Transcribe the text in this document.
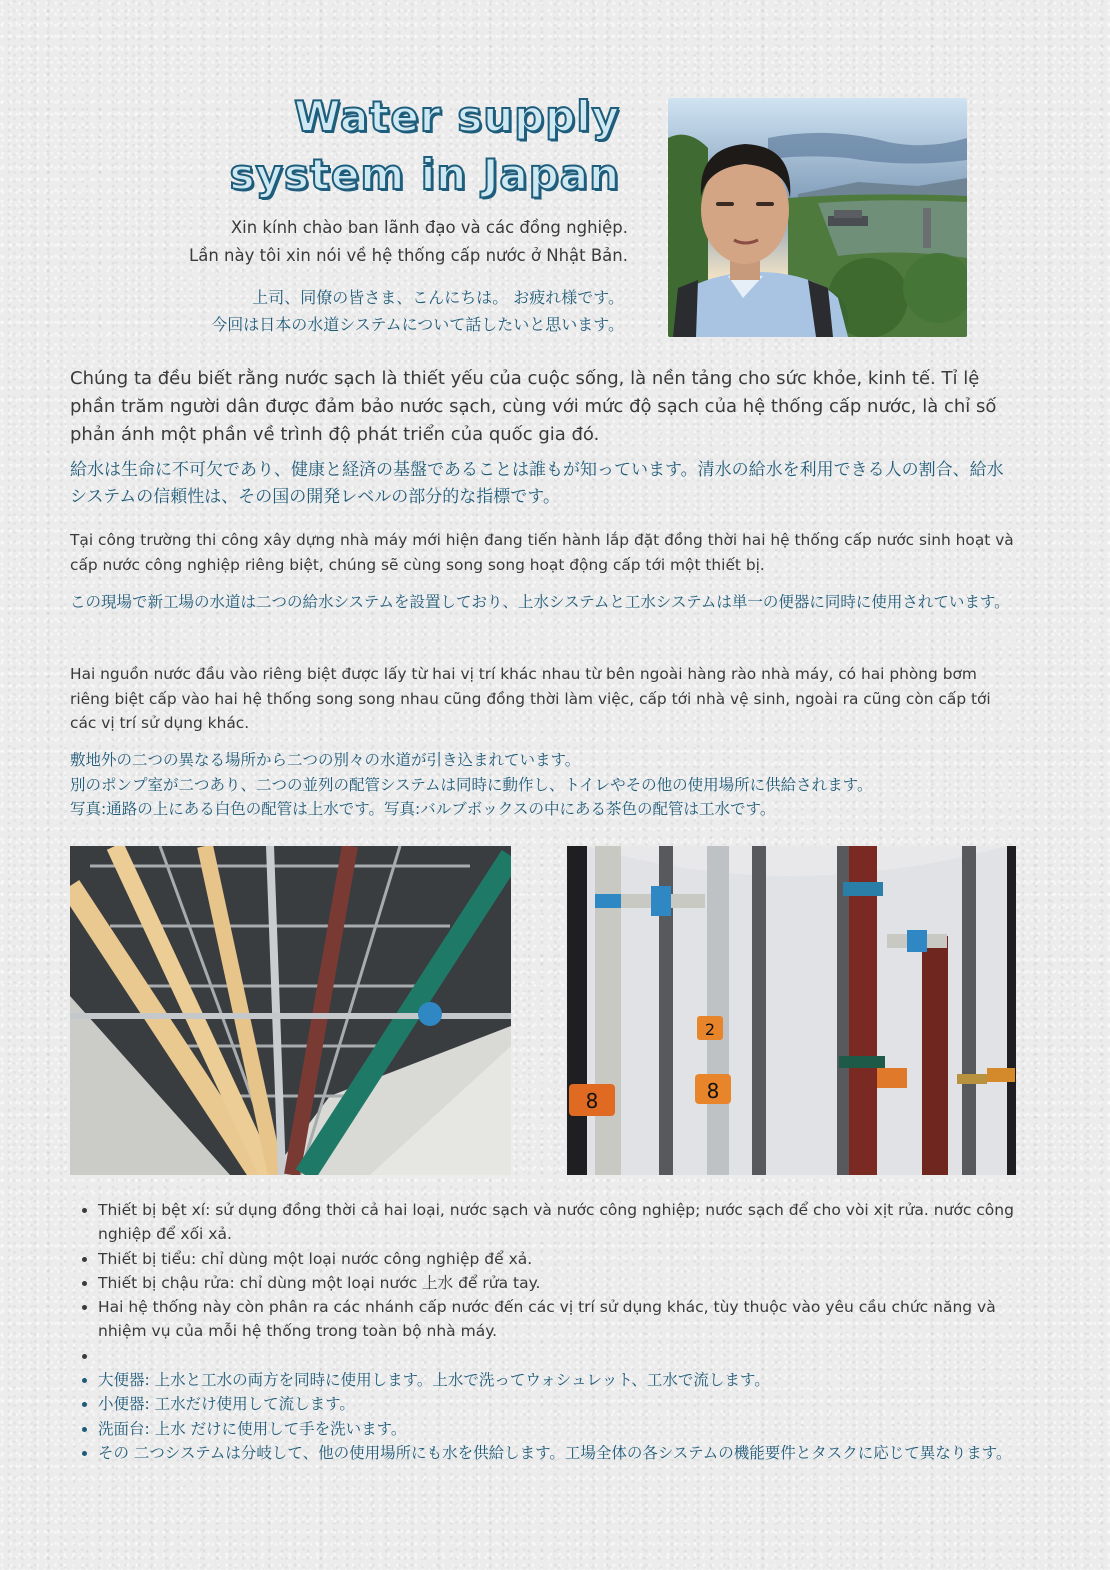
Water supply
system in Japan
Xin kính chào ban lãnh đạo và các đồng nghiệp.
Lần này tôi xin nói về hệ thống cấp nước ở Nhật Bản.
上司、同僚の皆さま、こんにちは。 お疲れ様です。
今回は日本の水道システムについて話したいと思います。

Chúng ta đều biết rằng nước sạch là thiết yếu của cuộc sống, là nền tảng cho sức khỏe, kinh tế. Tỉ lệ phần trăm người dân được đảm bảo nước sạch, cùng với mức độ sạch của hệ thống cấp nước, là chỉ số phản ánh một phần về trình độ phát triển của quốc gia đó.

給水は生命に不可欠であり、健康と経済の基盤であることは誰もが知っています。清水の給水を利用できる人の割合、給水システムの信頼性は、その国の開発レベルの部分的な指標です。

Tại công trường thi công xây dựng nhà máy mới hiện đang tiến hành lắp đặt đồng thời hai hệ thống cấp nước sinh hoạt và cấp nước công nghiệp riêng biệt, chúng sẽ cùng song song hoạt động cấp tới một thiết bị.

この現場で新工場の水道は二つの給水システムを設置しており、上水システムと工水システムは単一の便器に同時に使用されています。

Hai nguồn nước đầu vào riêng biệt được lấy từ hai vị trí khác nhau từ bên ngoài hàng rào nhà máy, có hai phòng bơm riêng biệt cấp vào hai hệ thống song song nhau cũng đồng thời làm việc, cấp tới nhà vệ sinh, ngoài ra cũng còn cấp tới các vị trí sử dụng khác.

敷地外の二つの異なる場所から二つの別々の水道が引き込まれています。
別のポンプ室が二つあり、二つの並列の配管システムは同時に動作し、トイレやその他の使用場所に供給されます。
写真:通路の上にある白色の配管は上水です。写真:バルブボックスの中にある茶色の配管は工水です。

8
2
8
• Thiết bị bệt xí: sử dụng đồng thời cả hai loại, nước sạch và nước công nghiệp; nước sạch để cho vòi xịt rửa. nước công nghiệp để xối xả.
• Thiết bị tiểu: chỉ dùng một loại nước công nghiệp để xả.
• Thiết bị chậu rửa: chỉ dùng một loại nước 上水 để rửa tay.
• Hai hệ thống này còn phân ra các nhánh cấp nước đến các vị trí sử dụng khác, tùy thuộc vào yêu cầu chức năng và nhiệm vụ của mỗi hệ thống trong toàn bộ nhà máy.
•
• 大便器: 上水と工水の両方を同時に使用します。上水で洗ってウォシュレット、工水で流します。
• 小便器: 工水だけ使用して流します。
• 洗面台: 上水 だけに使用して手を洗います。
• その 二つシステムは分岐して、他の使用場所にも水を供給します。工場全体の各システムの機能要件とタスクに応じて異なります。
